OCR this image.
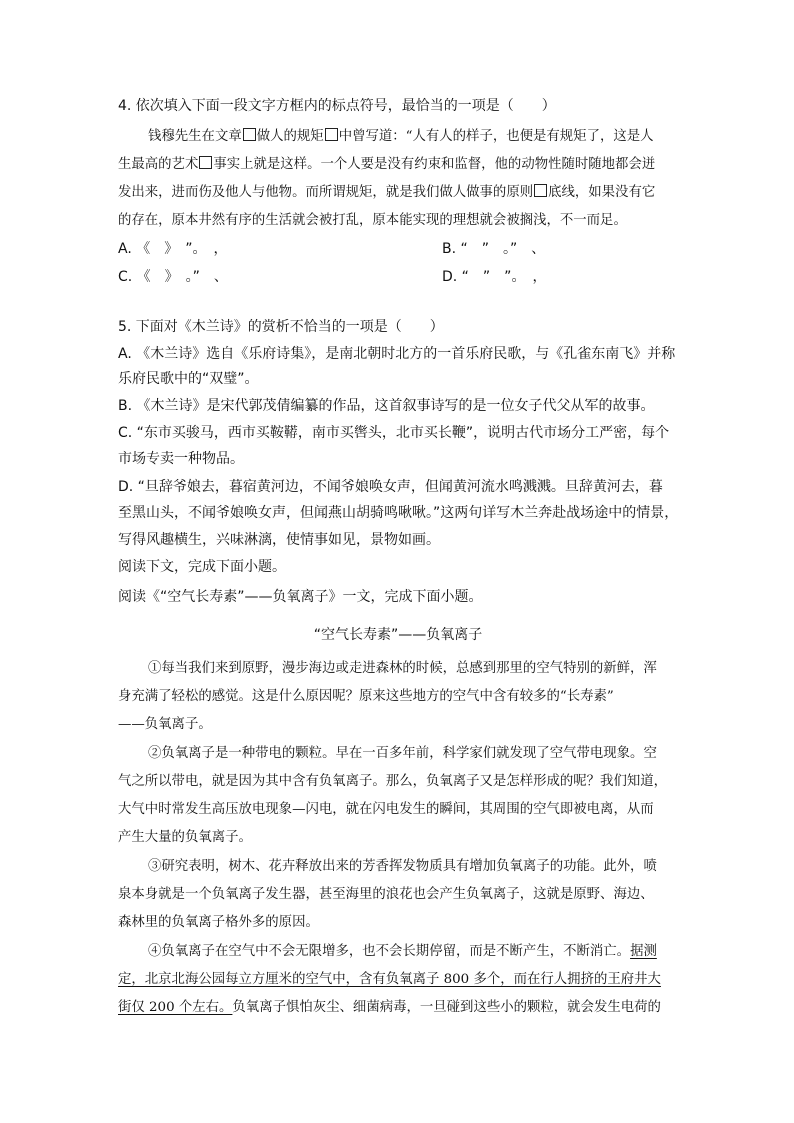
4. 依次填入下面一段文字方框内的标点符号，最恰当的一项是（　　）
钱穆先生在文章 做人的规矩 中曾写道：“人有人的样子，也便是有规矩了，这是人
生最高的艺术 事实上就是这样。一个人要是没有约束和监督，他的动物性随时随地都会迸
发出来，进而伤及他人与他物。而所谓规矩，就是我们做人做事的原则 底线，如果没有它
的存在，原本井然有序的生活就会被打乱，原本能实现的理想就会被搁浅，不一而足。
A. 《　》　”。　，	B. “　”　。”　、
C. 《　》　。”　、	D. “　”　”。　，
5. 下面对《木兰诗》的赏析不恰当的一项是（　　）
A. 《木兰诗》选自《乐府诗集》，是南北朝时北方的一首乐府民歌，与《孔雀东南飞》并称
乐府民歌中的“双璧”。
B. 《木兰诗》是宋代郭茂倩编纂的作品，这首叙事诗写的是一位女子代父从军的故事。
C. “东市买骏马，西市买鞍鞯，南市买辔头，北市买长鞭”，说明古代市场分工严密，每个
市场专卖一种物品。
D. “旦辞爷娘去，暮宿黄河边，不闻爷娘唤女声，但闻黄河流水鸣溅溅。旦辞黄河去，暮
至黑山头，不闻爷娘唤女声，但闻燕山胡骑鸣啾啾。”这两句详写木兰奔赴战场途中的情景，
写得风趣横生，兴味淋漓，使情事如见，景物如画。
阅读下文，完成下面小题。
阅读《“空气长寿素”——负氧离子》一文，完成下面小题。
“空气长寿素”——负氧离子
①每当我们来到原野，漫步海边或走进森林的时候，总感到那里的空气特别的新鲜，浑
身充满了轻松的感觉。这是什么原因呢？原来这些地方的空气中含有较多的“长寿素”
——负氧离子。
②负氧离子是一种带电的颗粒。早在一百多年前，科学家们就发现了空气带电现象。空
气之所以带电，就是因为其中含有负氧离子。那么，负氧离子又是怎样形成的呢？我们知道，
大气中时常发生高压放电现象—闪电，就在闪电发生的瞬间，其周围的空气即被电离，从而
产生大量的负氧离子。
③研究表明，树木、花卉释放出来的芳香挥发物质具有增加负氧离子的功能。此外，喷
泉本身就是一个负氧离子发生器，甚至海里的浪花也会产生负氧离子，这就是原野、海边、
森林里的负氧离子格外多的原因。
④负氧离子在空气中不会无限增多，也不会长期停留，而是不断产生，不断消亡。据测
定，北京北海公园每立方厘米的空气中，含有负氧离子 800 多个，而在行人拥挤的王府井大
街仅 200 个左右。负氧离子惧怕灰尘、细菌病毒，一旦碰到这些小的颗粒，就会发生电荷的
